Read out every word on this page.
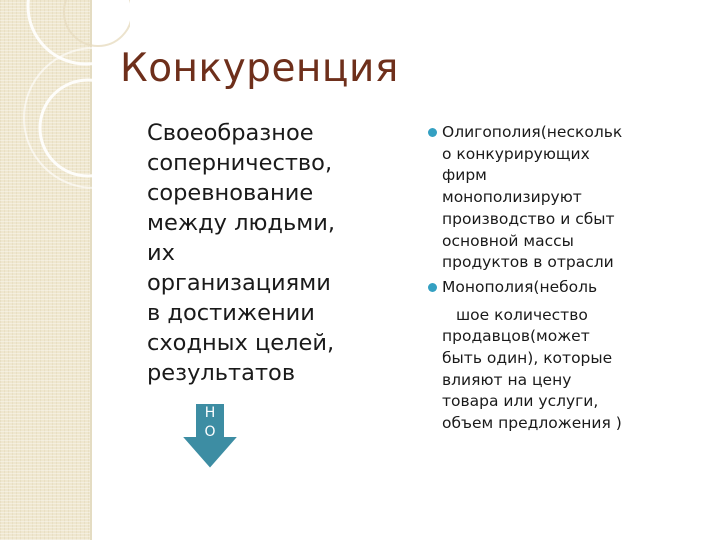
Конкуренция
Своеобразное
соперничество,
соревнование
между людьми,
их
организациями
в достижении
сходных целей,
результатов
Олигополия(нескольк
о конкурирующих
фирм
монополизируют
производство и сбыт
основной массы
продуктов в отрасли
Монополия(неболь
шое количество
продавцов(может
быть один), которые
влияют на цену
товара или услуги,
объем предложения )
Н
О
